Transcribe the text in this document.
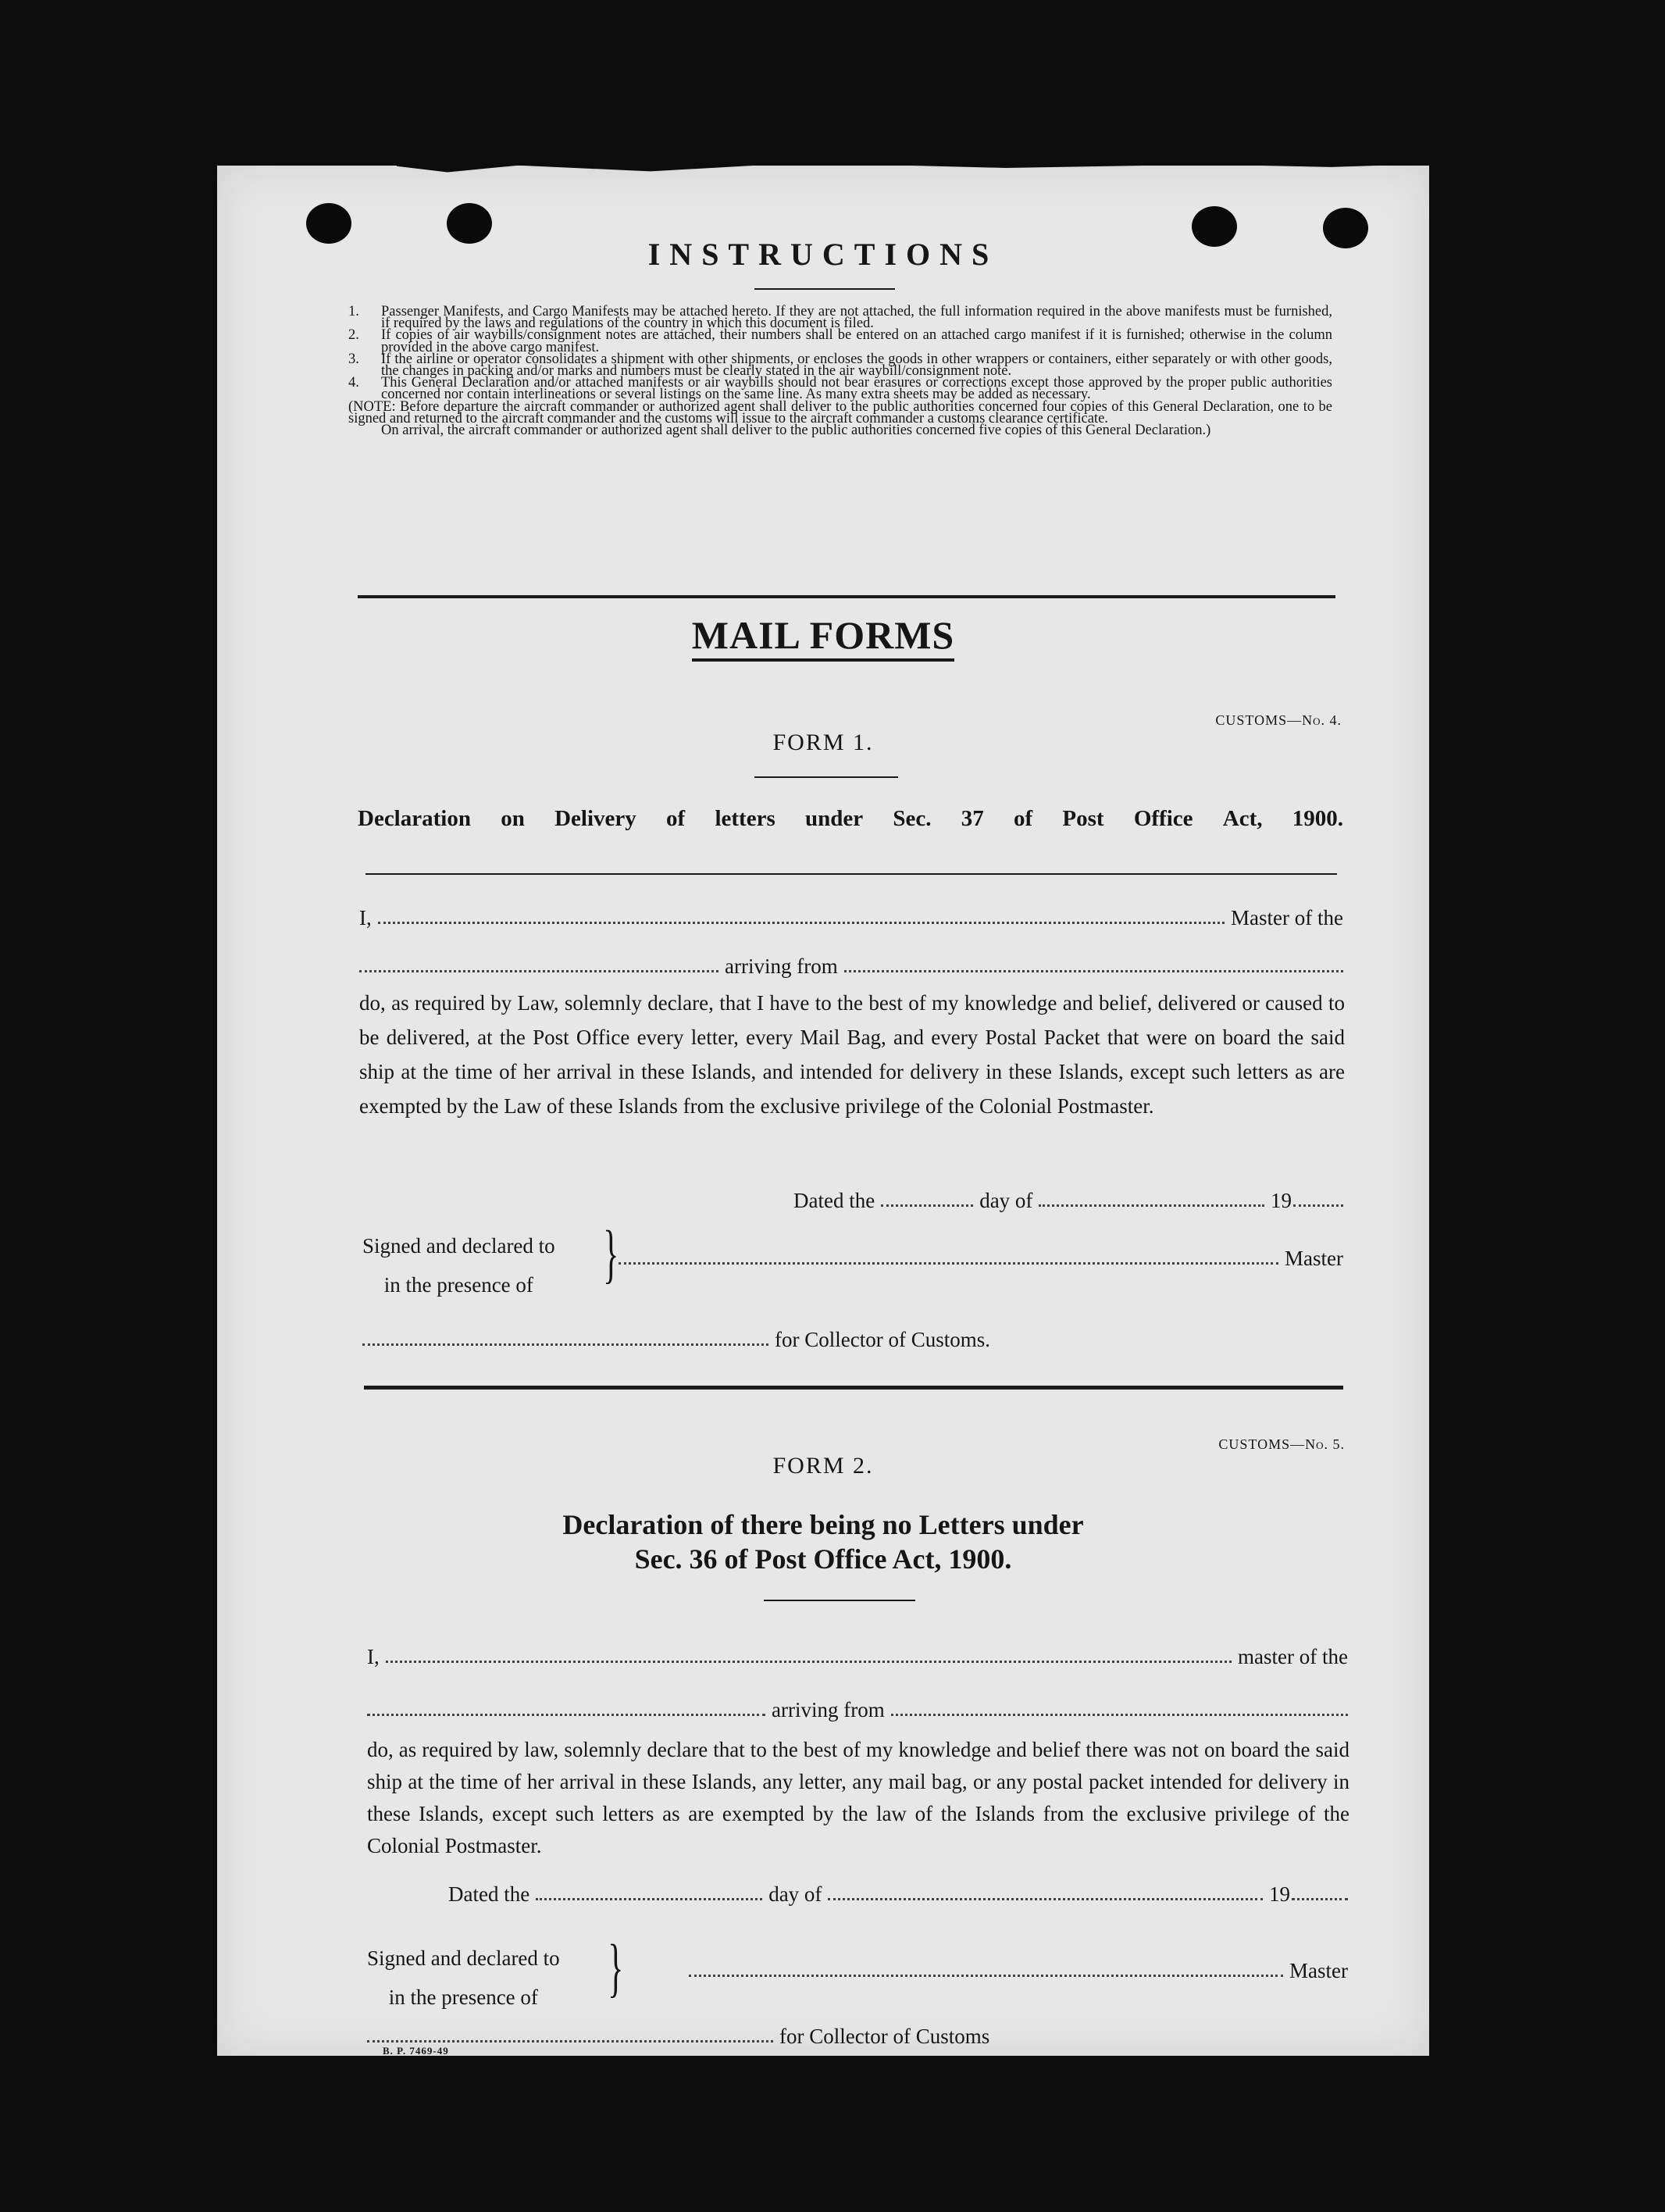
INSTRUCTIONS
1. Passenger Manifests, and Cargo Manifests may be attached hereto. If they are not attached, the full information required in the above manifests must be furnished, if required by the laws and regulations of the country in which this document is filed.
2. If copies of air waybills/consignment notes are attached, their numbers shall be entered on an attached cargo manifest if it is furnished; otherwise in the column provided in the above cargo manifest.
3. If the airline or operator consolidates a shipment with other shipments, or encloses the goods in other wrappers or containers, either separately or with other goods, the changes in packing and/or marks and numbers must be clearly stated in the air waybill/consignment note.
4. This General Declaration and/or attached manifests or air waybills should not bear erasures or corrections except those approved by the proper public authorities concerned nor contain interlineations or several listings on the same line. As many extra sheets may be added as necessary.
(NOTE: Before departure the aircraft commander or authorized agent shall deliver to the public authorities concerned four copies of this General Declaration, one to be signed and returned to the aircraft commander and the customs will issue to the aircraft commander a customs clearance certificate.
On arrival, the aircraft commander or authorized agent shall deliver to the public authorities concerned five copies of this General Declaration.)
MAIL FORMS
CUSTOMS—No. 4.
FORM 1.
Declaration on Delivery of letters under Sec. 37 of Post Office Act, 1900.
I,	Master of the
arriving from
do, as required by Law, solemnly declare, that I have to the best of my knowledge and belief, delivered or caused to be delivered, at the Post Office every letter, every Mail Bag, and every Postal Packet that were on board the said ship at the time of her arrival in these Islands, and intended for delivery in these Islands, except such letters as are exempted by the Law of these Islands from the exclusive privilege of the Colonial Postmaster.
Dated the	day of	19
Signed and declared to
in the presence of	}	Master
for Collector of Customs.
CUSTOMS—No. 5.
FORM 2.
Declaration of there being no Letters under
Sec. 36 of Post Office Act, 1900.
I,	master of the
arriving from
do, as required by law, solemnly declare that to the best of my knowledge and belief there was not on board the said ship at the time of her arrival in these Islands, any letter, any mail bag, or any postal packet intended for delivery in these Islands, except such letters as are exempted by the law of the Islands from the exclusive privilege of the Colonial Postmaster.
Dated the	day of	19
Signed and declared to
in the presence of	}	Master
for Collector of Customs
B. P. 7469-49
